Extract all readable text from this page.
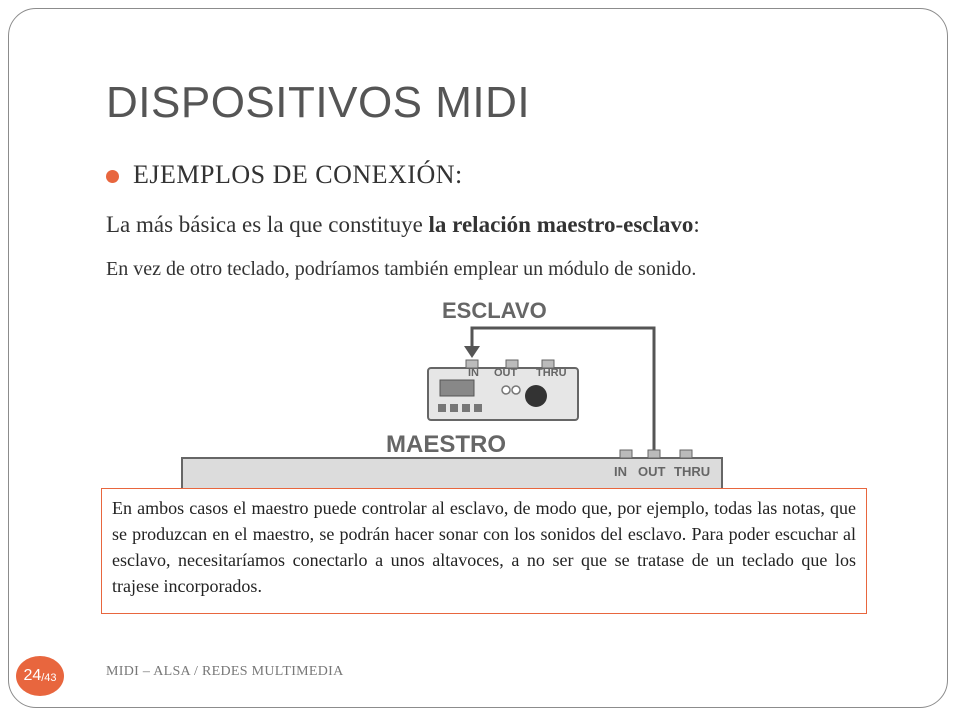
DISPOSITIVOS MIDI
EJEMPLOS DE CONEXIÓN:
La más básica es la que constituye la relación maestro-esclavo:
En vez de otro teclado, podríamos también emplear un módulo de sonido.
ESCLAVO
IN OUT THRU
MAESTRO
IN OUT THRU
En ambos casos el maestro puede controlar al esclavo, de modo que, por ejemplo, todas las notas, que se produzcan en el maestro, se podrán hacer sonar con los sonidos del esclavo. Para poder escuchar al esclavo, necesitaríamos conectarlo a unos altavoces, a no ser que se tratase de un teclado que los trajese incorporados.
24 /43	MIDI – ALSA / REDES MULTIMEDIA
